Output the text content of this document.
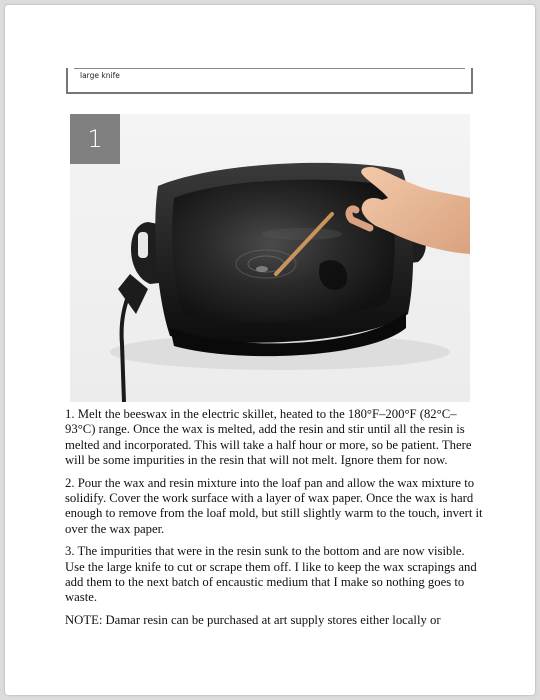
large knife
1

1. Melt the beeswax in the electric skillet, heated to the 180°F–200°F (82°C–93°C) range. Once the wax is melted, add the resin and stir until all the resin is melted and incorporated. This will take a half hour or more, so be patient. There will be some impurities in the resin that will not melt. Ignore them for now.

2. Pour the wax and resin mixture into the loaf pan and allow the wax mixture to solidify. Cover the work surface with a layer of wax paper. Once the wax is hard enough to remove from the loaf mold, but still slightly warm to the touch, invert it over the wax paper.

3. The impurities that were in the resin sunk to the bottom and are now visible. Use the large knife to cut or scrape them off. I like to keep the wax scrapings and add them to the next batch of encaustic medium that I make so nothing goes to waste.

NOTE: Damar resin can be purchased at art supply stores either locally or
